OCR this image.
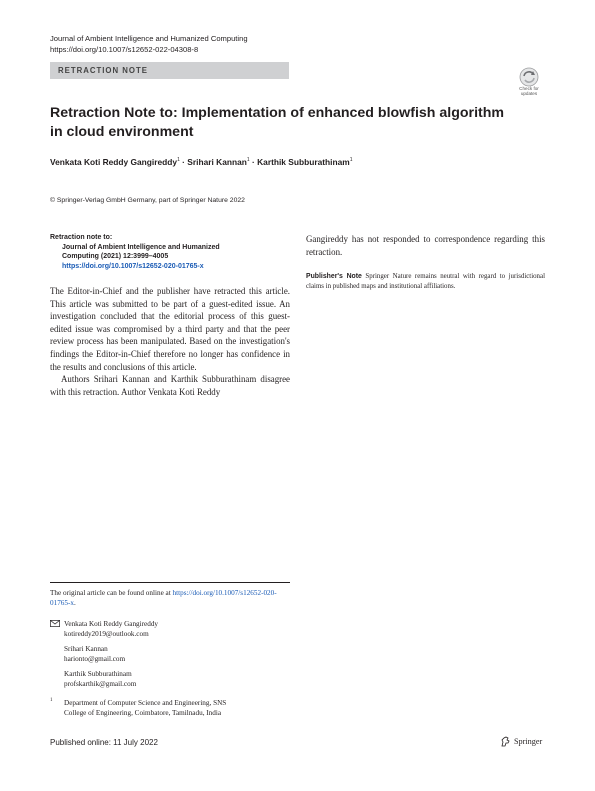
Journal of Ambient Intelligence and Humanized Computing
https://doi.org/10.1007/s12652-022-04308-8
RETRACTION NOTE
Check for
updates
Retraction Note to: Implementation of enhanced blowfish algorithm in cloud environment
Venkata Koti Reddy Gangireddy$^1$ · Srihari Kannan$^1$ · Karthik Subburathinam$^1$
© Springer-Verlag GmbH Germany, part of Springer Nature 2022
Retraction note to:
Journal of Ambient Intelligence and Humanized
Computing (2021) 12:3999–4005
https://doi.org/10.1007/s12652-020-01765-x

The Editor-in-Chief and the publisher have retracted this article. This article was submitted to be part of a guest-edited issue. An investigation concluded that the editorial process of this guest-edited issue was compromised by a third party and that the peer review process has been manipulated. Based on the investigation's findings the Editor-in-Chief therefore no longer has confidence in the results and conclusions of this article.

Authors Srihari Kannan and Karthik Subburathinam disagree with this retraction. Author Venkata Koti Reddy

Gangireddy has not responded to correspondence regarding this retraction.

Publisher's Note Springer Nature remains neutral with regard to jurisdictional claims in published maps and institutional affiliations.

The original article can be found online at https://doi.org/10.1007/s12652-020-01765-x.
Venkata Koti Reddy Gangireddy
kotireddy2019@outlook.com
Srihari Kannan
harionto@gmail.com
Karthik Subburathinam
profskarthik@gmail.com
1	Department of Computer Science and Engineering, SNS
College of Engineering, Coimbatore, Tamilnadu, India
Published online: 11 July 2022	Springer
